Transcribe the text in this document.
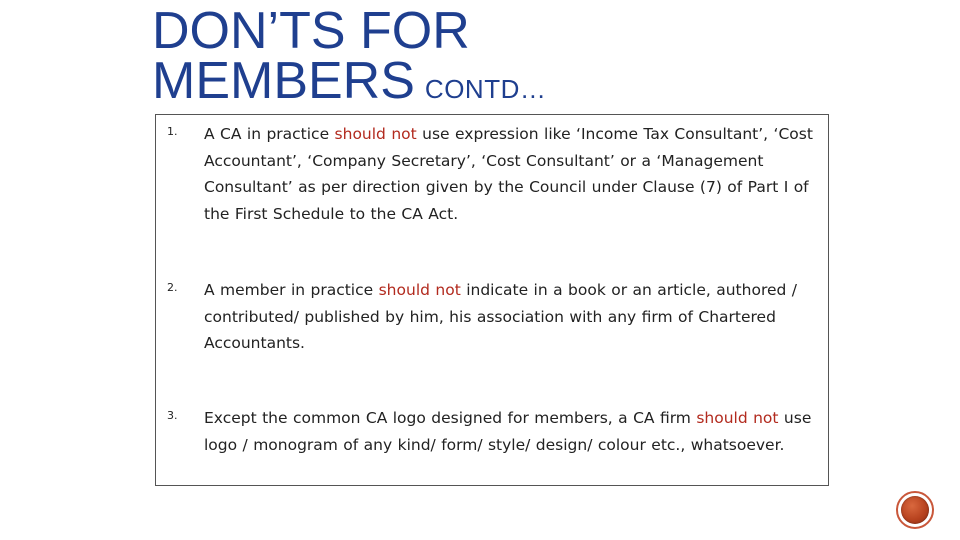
DON’TS FOR
MEMBERS CONTD…
1. A CA in practice should not use expression like ‘Income Tax Consultant’, ‘Cost Accountant’, ‘Company Secretary’, ‘Cost Consultant’ or a ‘Management Consultant’ as per direction given by the Council under Clause (7) of Part I of the First Schedule to the CA Act.
2. A member in practice should not indicate in a book or an article, authored / contributed/ published by him, his association with any firm of Chartered Accountants.
3. Except the common CA logo designed for members, a CA firm should not use logo / monogram of any kind/ form/ style/ design/ colour etc., whatsoever.
